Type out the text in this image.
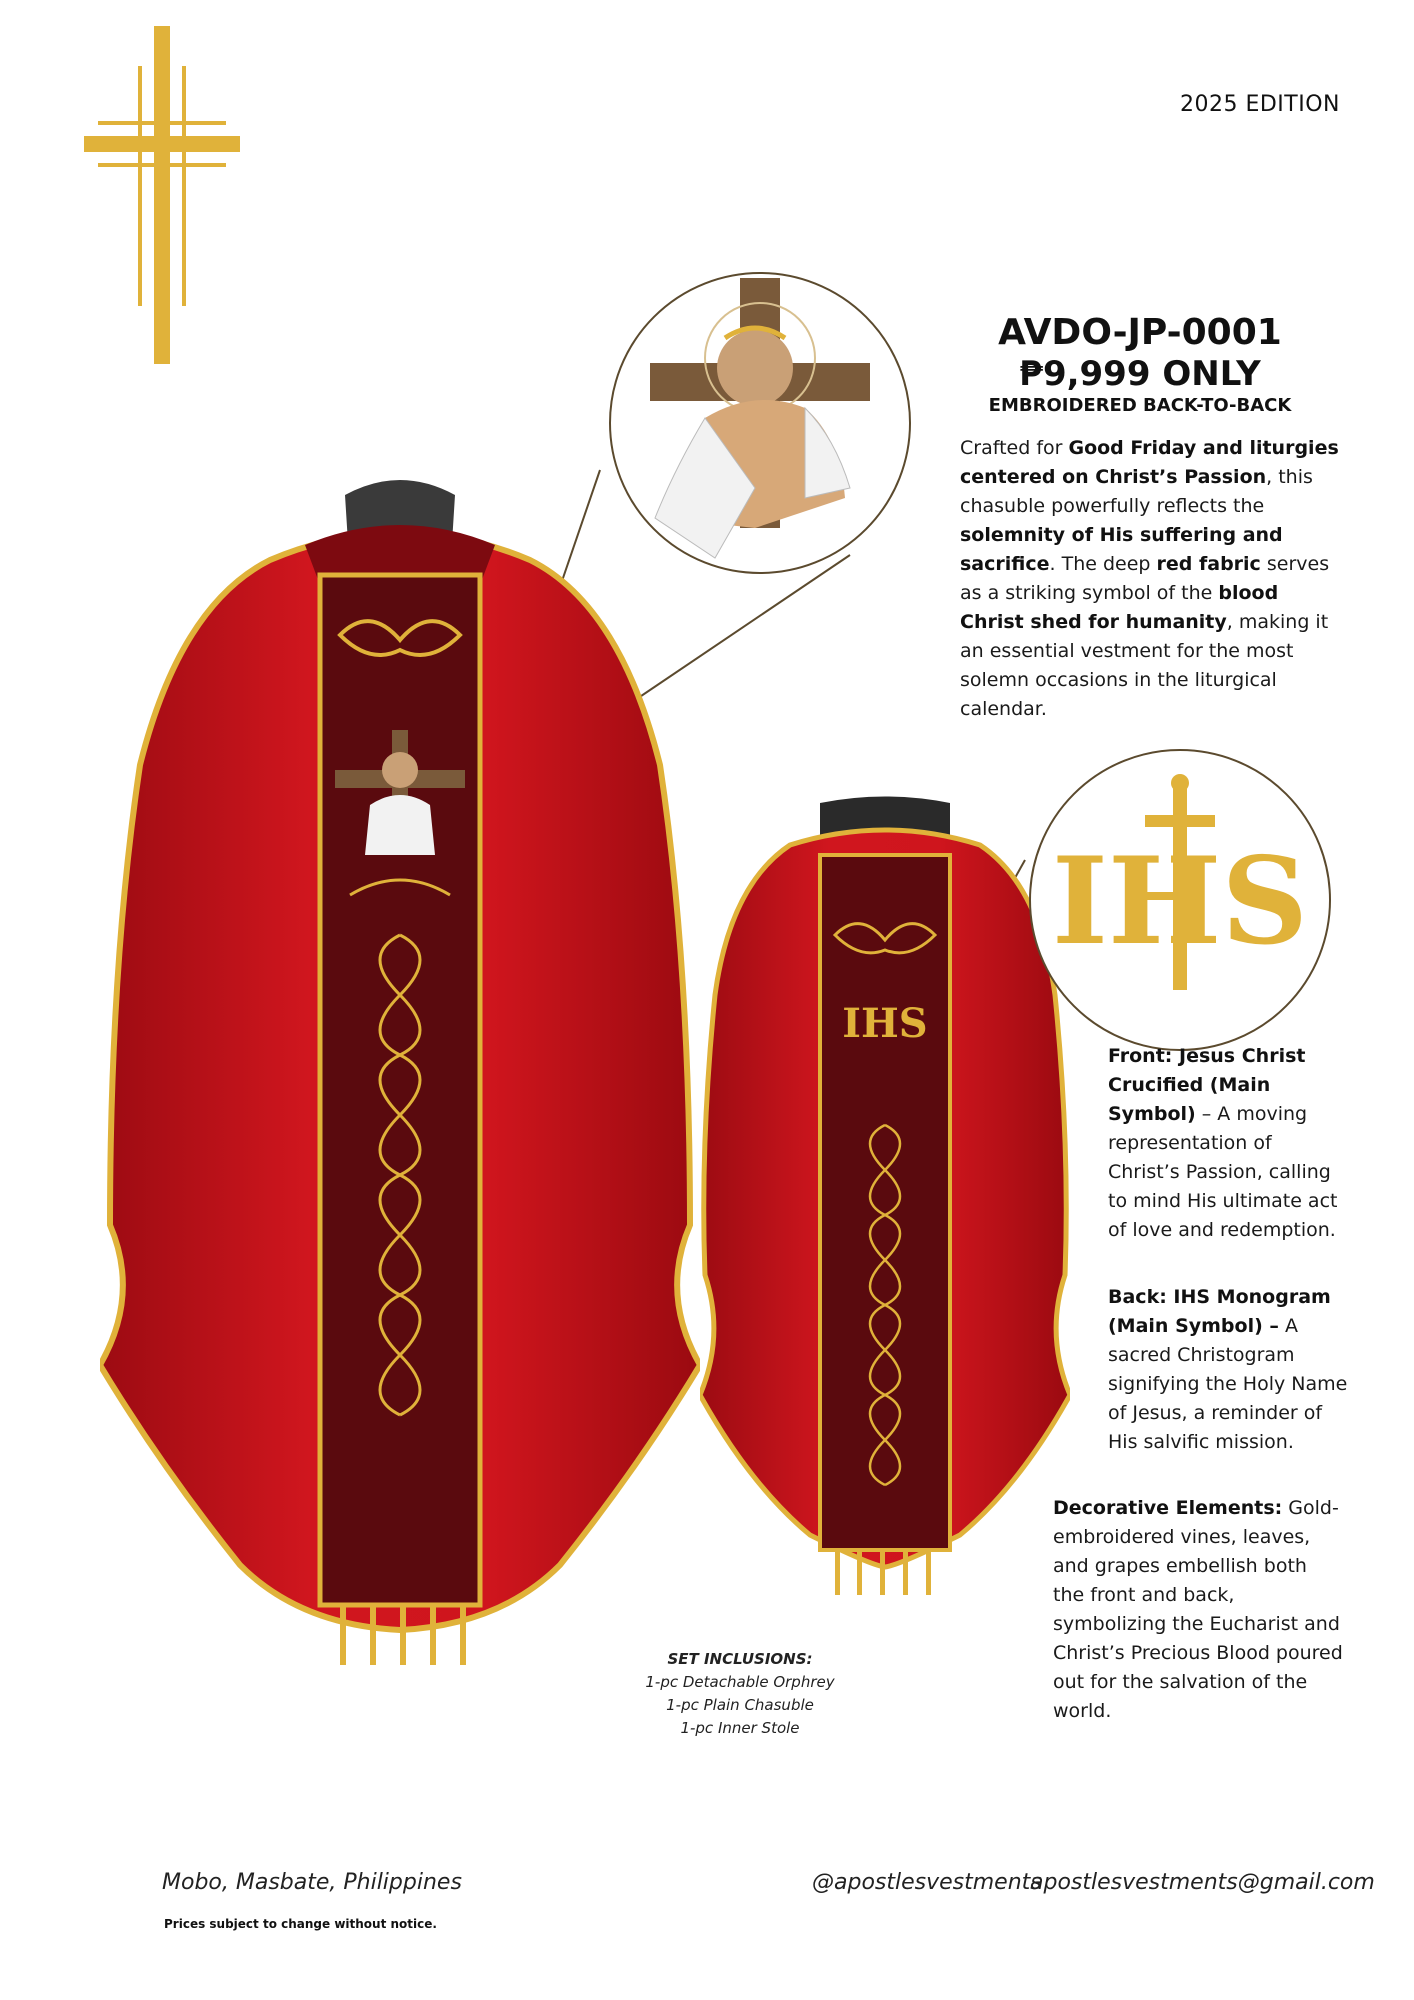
2025 EDITION
IHS
IHS
AVDO-JP-0001
₱9,999 ONLY
EMBROIDERED BACK-TO-BACK
Crafted for Good Friday and liturgies centered on Christ’s Passion, this chasuble powerfully reflects the solemnity of His suffering and sacrifice. The deep red fabric serves as a striking symbol of the blood Christ shed for humanity, making it an essential vestment for the most solemn occasions in the liturgical calendar.
Front: Jesus Christ Crucified (Main Symbol) – A moving representation of Christ’s Passion, calling to mind His ultimate act of love and redemption.
Back: IHS Monogram (Main Symbol) – A sacred Christogram signifying the Holy Name of Jesus, a reminder of His salvific mission.
Decorative Elements: Gold-embroidered vines, leaves, and grapes embellish both the front and back, symbolizing the Eucharist and Christ’s Precious Blood poured out for the salvation of the world.
SET INCLUSIONS:
1-pc Detachable Orphrey
1-pc Plain Chasuble
1-pc Inner Stole
Mobo, Masbate, Philippines
Prices subject to change without notice.
@apostlesvestments
apostlesvestments@gmail.com
